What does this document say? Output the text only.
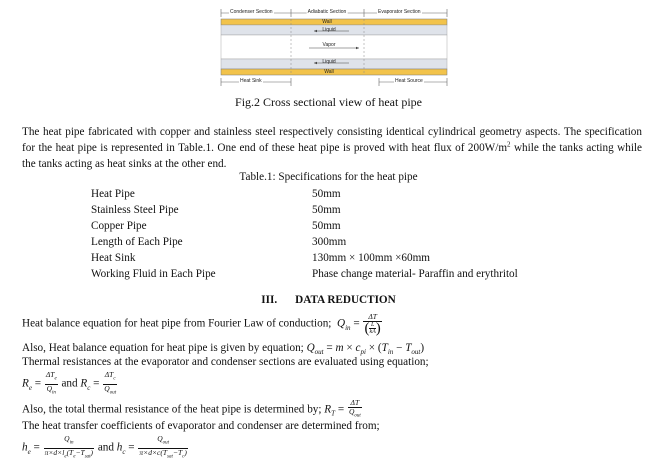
Condenser Section	Adiabatic Section	Evaporator Section
Wall
Liquid
Vapor
Liquid
Wall
Heat Sink	Heat Source
Fig.2 Cross sectional view of heat pipe
The heat pipe fabricated with copper and stainless steel respectively consisting identical cylindrical geometry aspects. The specification for the heat pipe is represented in Table.1. One end of these heat pipe is proved with heat flux of $200W/m^2$ while the tanks acting while the tanks acting as heat sinks at the other end.
Table.1: Specifications for the heat pipe
Heat Pipe	50mm
Stainless Steel Pipe	50mm
Copper Pipe	50mm
Length of Each Pipe	300mm
Heat Sink	130mm × 100mm ×60mm
Working Fluid in Each Pipe	Phase change material- Paraffin and erythritol
III. DATA REDUCTION
Heat balance equation for heat pipe from Fourier Law of conduction; $Q_{in} = \frac{\Delta T}{( \frac{L}{kA})}$
Also, Heat balance equation for heat pipe is given by equation; $Q_{out} = m \times c_{pi} \times (T_{in} - T_{out})$
Thermal resistances at the evaporator and condenser sections are evaluated using equation;
$R_e = \frac{\Delta T_e}{Q_{in}}$ and $R_c = \frac{\Delta T_c}{Q_{out}}$
Also, the total thermal resistance of the heat pipe is determined by; $R_T = \frac{\Delta T}{Q_{out}}$
The heat transfer coefficients of evaporator and condenser are determined from;
$h_e = \frac{Q_{in}}{\pi\times d\times l_e(T_e-T_{sat})}$ and $h_c = \frac{Q_{out}}{\pi\times d\times c(T_{sat}-T_c)}$
